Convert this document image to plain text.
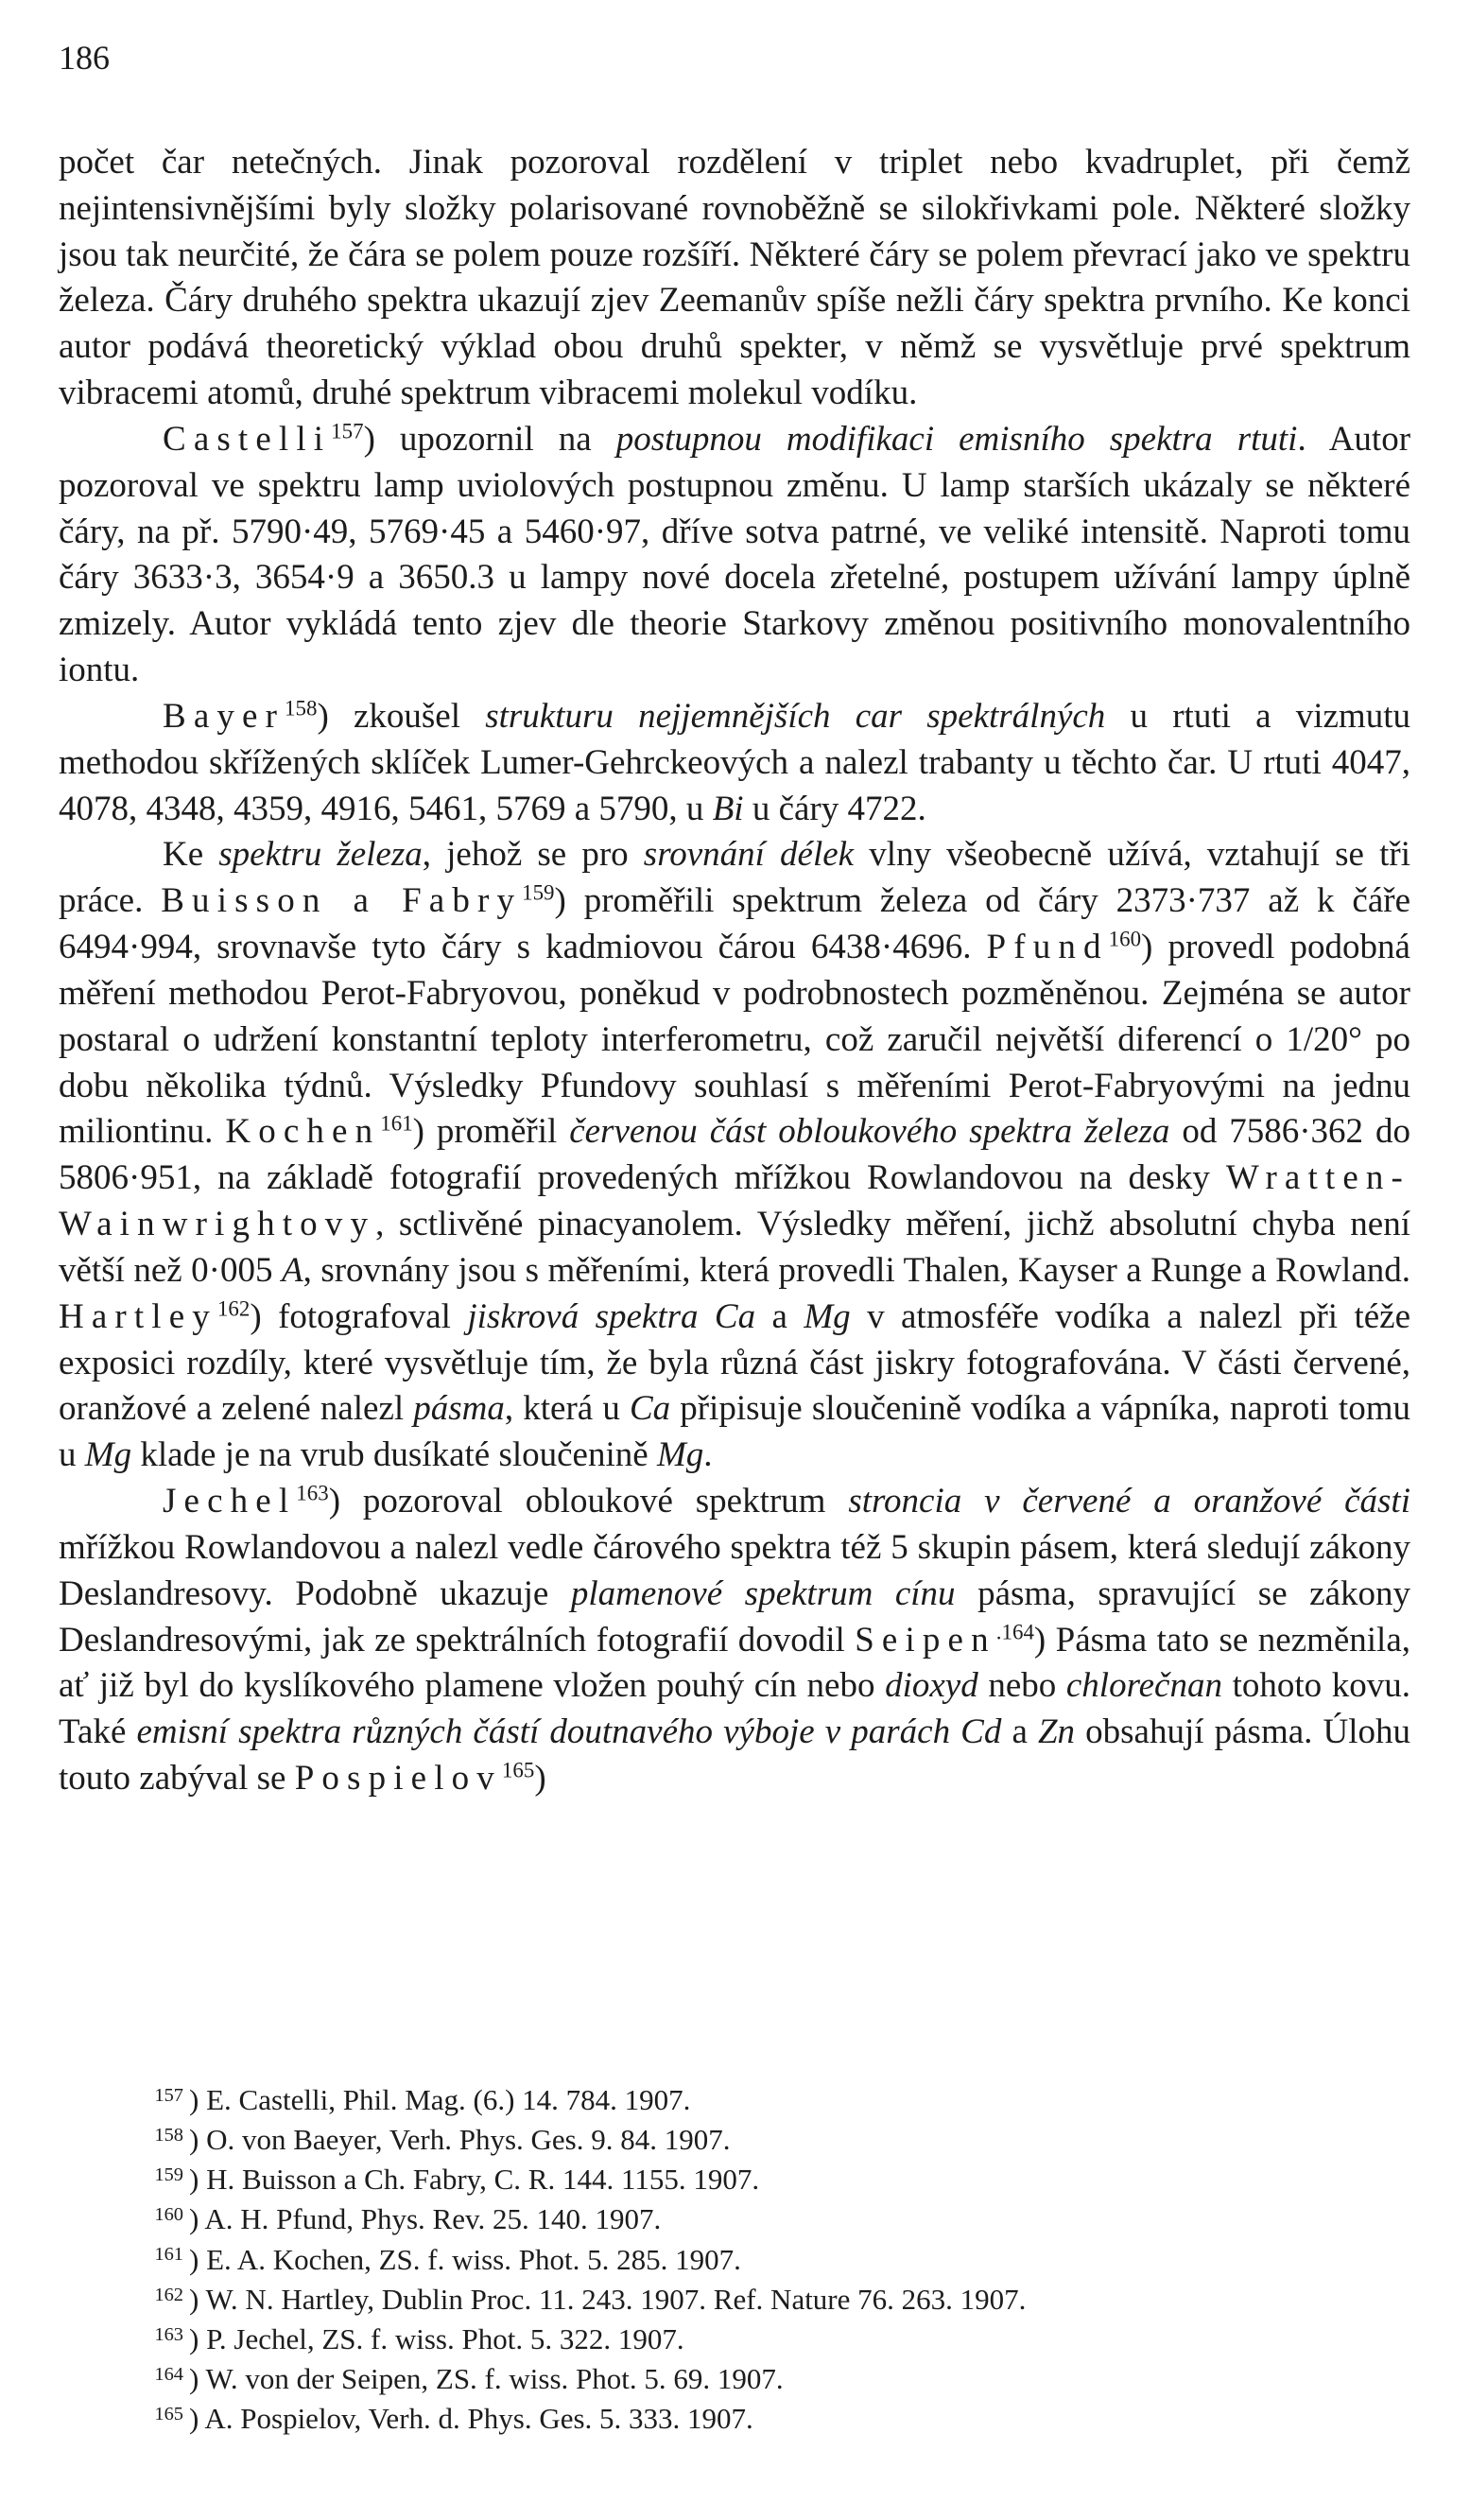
186

počet čar netečných. Jinak pozoroval rozdělení v triplet nebo kvadruplet, při čemž nejintensivnějšími byly složky polarisované rovnoběžně se silokřivkami pole. Některé složky jsou tak neurčité, že čára se polem pouze rozšíří. Některé čáry se polem převrací jako ve spektru železa. Čáry druhého spektra ukazují zjev Zeemanův spíše nežli čáry spektra prvního. Ke konci autor podává theoretický výklad obou druhů spekter, v němž se vysvětluje prvé spektrum vibracemi atomů, druhé spektrum vibracemi molekul vodíku.

Castelli$^{157}$) upozornil na postupnou modifikaci emisního spektra rtuti. Autor pozoroval ve spektru lamp uviolových postupnou změnu. U lamp starších ukázaly se některé čáry, na př. 5790·49, 5769·45 a 5460·97, dříve sotva patrné, ve veliké intensitě. Naproti tomu čáry 3633·3, 3654·9 a 3650.3 u lampy nové docela zřetelné, postupem užívání lampy úplně zmizely. Autor vykládá tento zjev dle theorie Starkovy změnou positivního monovalentního iontu.

Bayer$^{158}$) zkoušel strukturu nejjemnějších car spektrálných u rtuti a vizmutu methodou skřížených sklíček Lumer-Gehrckeových a nalezl trabanty u těchto čar. U rtuti 4047, 4078, 4348, 4359, 4916, 5461, 5769 a 5790, u Bi u čáry 4722.

Ke spektru železa, jehož se pro srovnání délek vlny všeobecně užívá, vztahují se tři práce. Buisson a Fabry$^{159}$) proměřili spektrum železa od čáry 2373·737 až k čáře 6494·994, srovnavše tyto čáry s kadmiovou čárou 6438·4696. Pfund$^{160}$) provedl podobná měření methodou Perot-Fabryovou, poněkud v podrobnostech pozměněnou. Zejména se autor postaral o udržení konstantní teploty interferometru, což zaručil největší diferencí o 1/20° po dobu několika týdnů. Výsledky Pfundovy souhlasí s měřeními Perot-Fabryovými na jednu miliontinu. Kochen$^{161}$) proměřil červenou část obloukového spektra železa od 7586·362 do 5806·951, na základě fotografií provedených mřížkou Rowlandovou na desky Wratten-Wainwrightovy, sctlivěné pinacyanolem. Výsledky měření, jichž absolutní chyba není větší než 0·005 A, srovnány jsou s měřeními, která provedli Thalen, Kayser a Runge a Rowland. Hartley$^{162}$) fotografoval jiskrová spektra Ca a Mg v atmosféře vodíka a nalezl při téže exposici rozdíly, které vysvětluje tím, že byla různá část jiskry fotografována. V části červené, oranžové a zelené nalezl pásma, která u Ca připisuje sloučenině vodíka a vápníka, naproti tomu u Mg klade je na vrub dusíkaté sloučenině Mg.

Jechel$^{163}$) pozoroval obloukové spektrum stroncia v červené a oranžové části mřížkou Rowlandovou a nalezl vedle čárového spektra též 5 skupin pásem, která sledují zákony Deslandresovy. Podobně ukazuje plamenové spektrum cínu pásma, spravující se zákony Deslandresovými, jak ze spektrálních fotografií dovodil Seipen$^{.164}$) Pásma tato se nezměnila, ať již byl do kyslíkového plamene vložen pouhý cín nebo dioxyd nebo chlorečnan tohoto kovu. Také emisní spektra různých částí doutnavého výboje v parách Cd a Zn obsahují pásma. Úlohu touto zabýval se Pospielov$^{165}$)

157 ) E. Castelli, Phil. Mag. (6.) 14. 784. 1907.
158 ) O. von Baeyer, Verh. Phys. Ges. 9. 84. 1907.
159 ) H. Buisson a Ch. Fabry, C. R. 144. 1155. 1907.
160 ) A. H. Pfund, Phys. Rev. 25. 140. 1907.
161 ) E. A. Kochen, ZS. f. wiss. Phot. 5. 285. 1907.
162 ) W. N. Hartley, Dublin Proc. 11. 243. 1907. Ref. Nature 76. 263. 1907.
163 ) P. Jechel, ZS. f. wiss. Phot. 5. 322. 1907.
164 ) W. von der Seipen, ZS. f. wiss. Phot. 5. 69. 1907.
165 ) A. Pospielov, Verh. d. Phys. Ges. 5. 333. 1907.
